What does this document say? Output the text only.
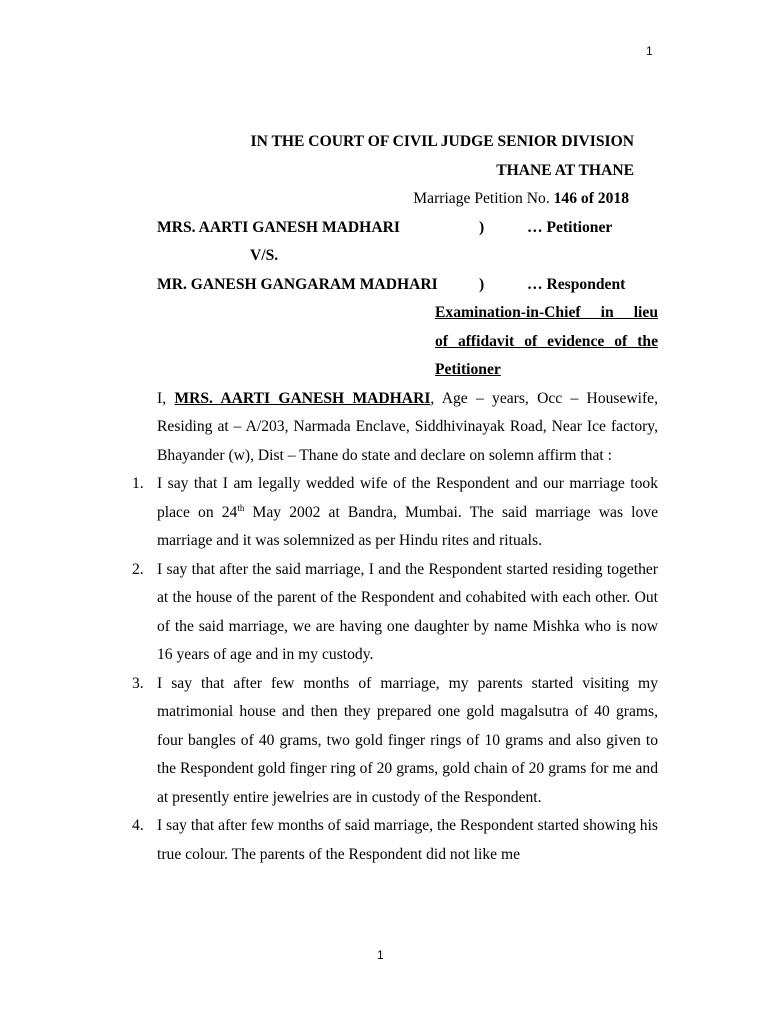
1
IN THE COURT OF CIVIL JUDGE SENIOR DIVISION
THANE AT THANE
Marriage Petition No. 146 of 2018
MRS. AARTI GANESH MADHARI	)	… Petitioner
V/S.
MR. GANESH GANGARAM MADHARI	)	… Respondent
Examination-in-Chief in lieu
of affidavit of evidence of the
Petitioner
I, MRS. AARTI GANESH MADHARI, Age – years, Occ – Housewife, Residing at – A/203, Narmada Enclave, Siddhivinayak Road, Near Ice factory, Bhayander (w), Dist – Thane do state and declare on solemn affirm that :
1. I say that I am legally wedded wife of the Respondent and our marriage took place on 24th May 2002 at Bandra, Mumbai. The said marriage was love marriage and it was solemnized as per Hindu rites and rituals.
2. I say that after the said marriage, I and the Respondent started residing together at the house of the parent of the Respondent and cohabited with each other. Out of the said marriage, we are having one daughter by name Mishka who is now 16 years of age and in my custody.
3. I say that after few months of marriage, my parents started visiting my matrimonial house and then they prepared one gold magalsutra of 40 grams, four bangles of 40 grams, two gold finger rings of 10 grams and also given to the Respondent gold finger ring of 20 grams, gold chain of 20 grams for me and at presently entire jewelries are in custody of the Respondent.
4. I say that after few months of said marriage, the Respondent started showing his true colour. The parents of the Respondent did not like me
1
